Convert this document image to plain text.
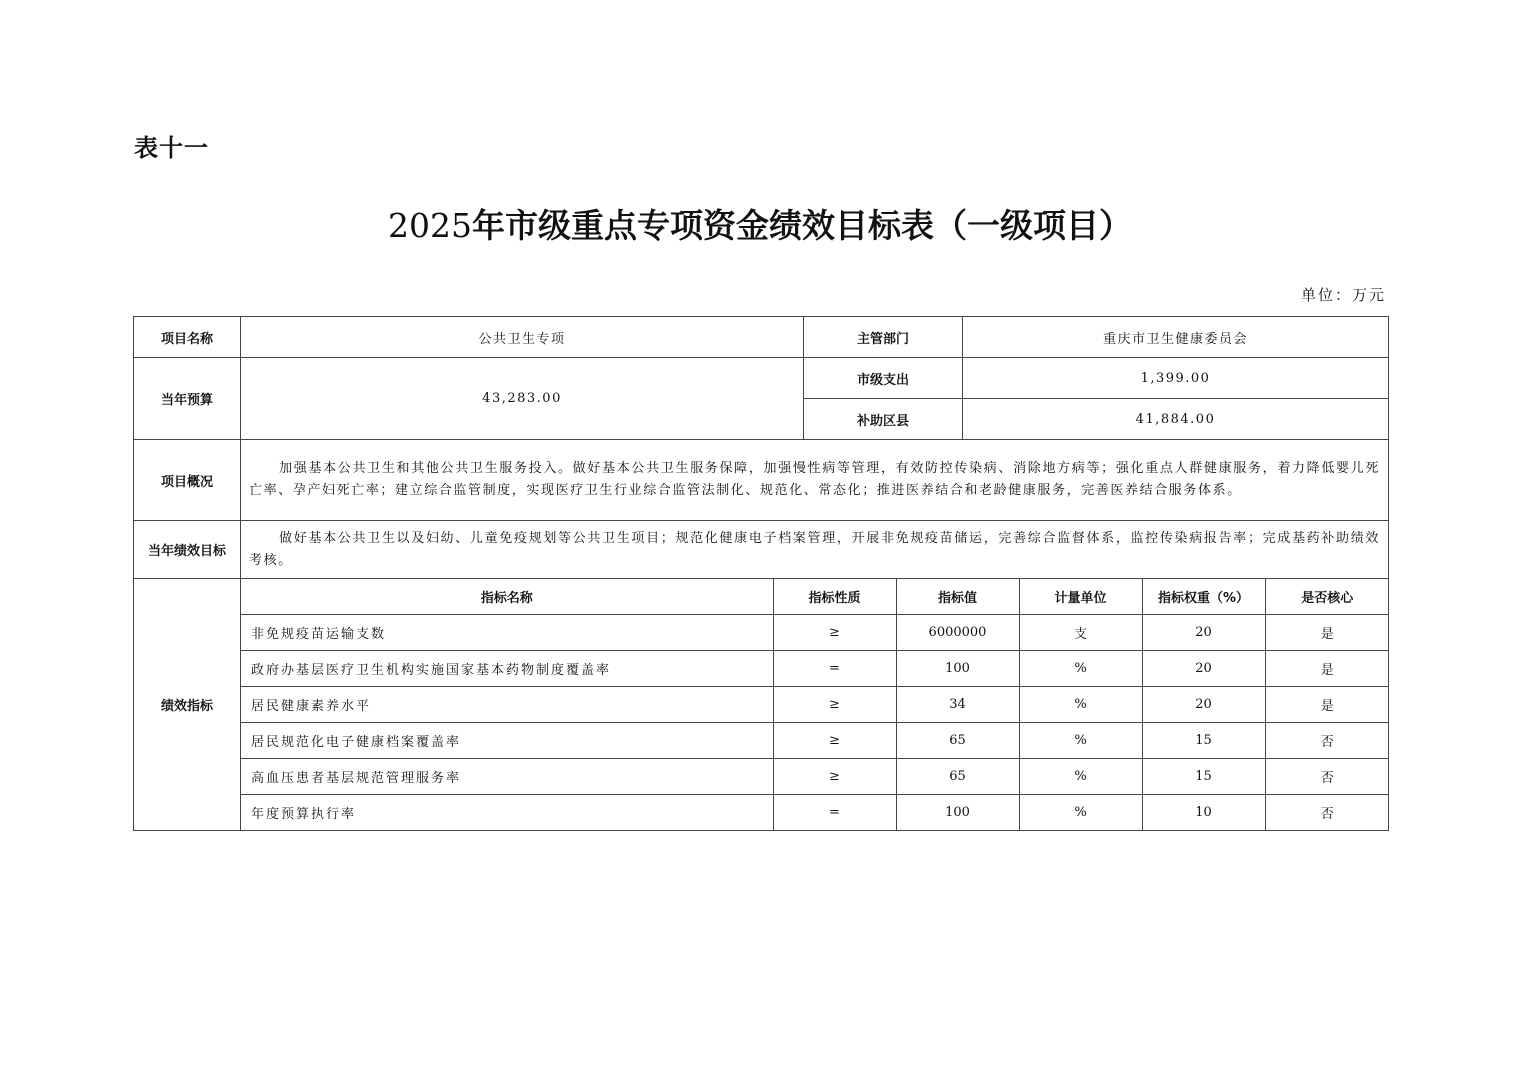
表十一
2025年市级重点专项资金绩效目标表（一级项目）
单位：万元
项目名称	公共卫生专项	主管部门	重庆市卫生健康委员会
当年预算	43,283.00	市级支出	1,399.00
补助区县	41,884.00
项目概况	加强基本公共卫生和其他公共卫生服务投入。做好基本公共卫生服务保障，加强慢性病等管理，有效防控传染病、消除地方病等；强化重点人群健康服务，着力降低婴儿死亡率、孕产妇死亡率；建立综合监管制度，实现医疗卫生行业综合监管法制化、规范化、常态化；推进医养结合和老龄健康服务，完善医养结合服务体系。
当年绩效目标	做好基本公共卫生以及妇幼、儿童免疫规划等公共卫生项目；规范化健康电子档案管理，开展非免规疫苗储运，完善综合监督体系，监控传染病报告率；完成基药补助绩效考核。
绩效指标	
指标名称	指标性质	指标值	计量单位	指标权重（%）	是否核心
非免规疫苗运输支数	≥	6000000	支	20	是
政府办基层医疗卫生机构实施国家基本药物制度覆盖率	=	100	%	20	是
居民健康素养水平	≥	34	%	20	是
居民规范化电子健康档案覆盖率	≥	65	%	15	否
高血压患者基层规范管理服务率	≥	65	%	15	否
年度预算执行率	=	100	%	10	否
